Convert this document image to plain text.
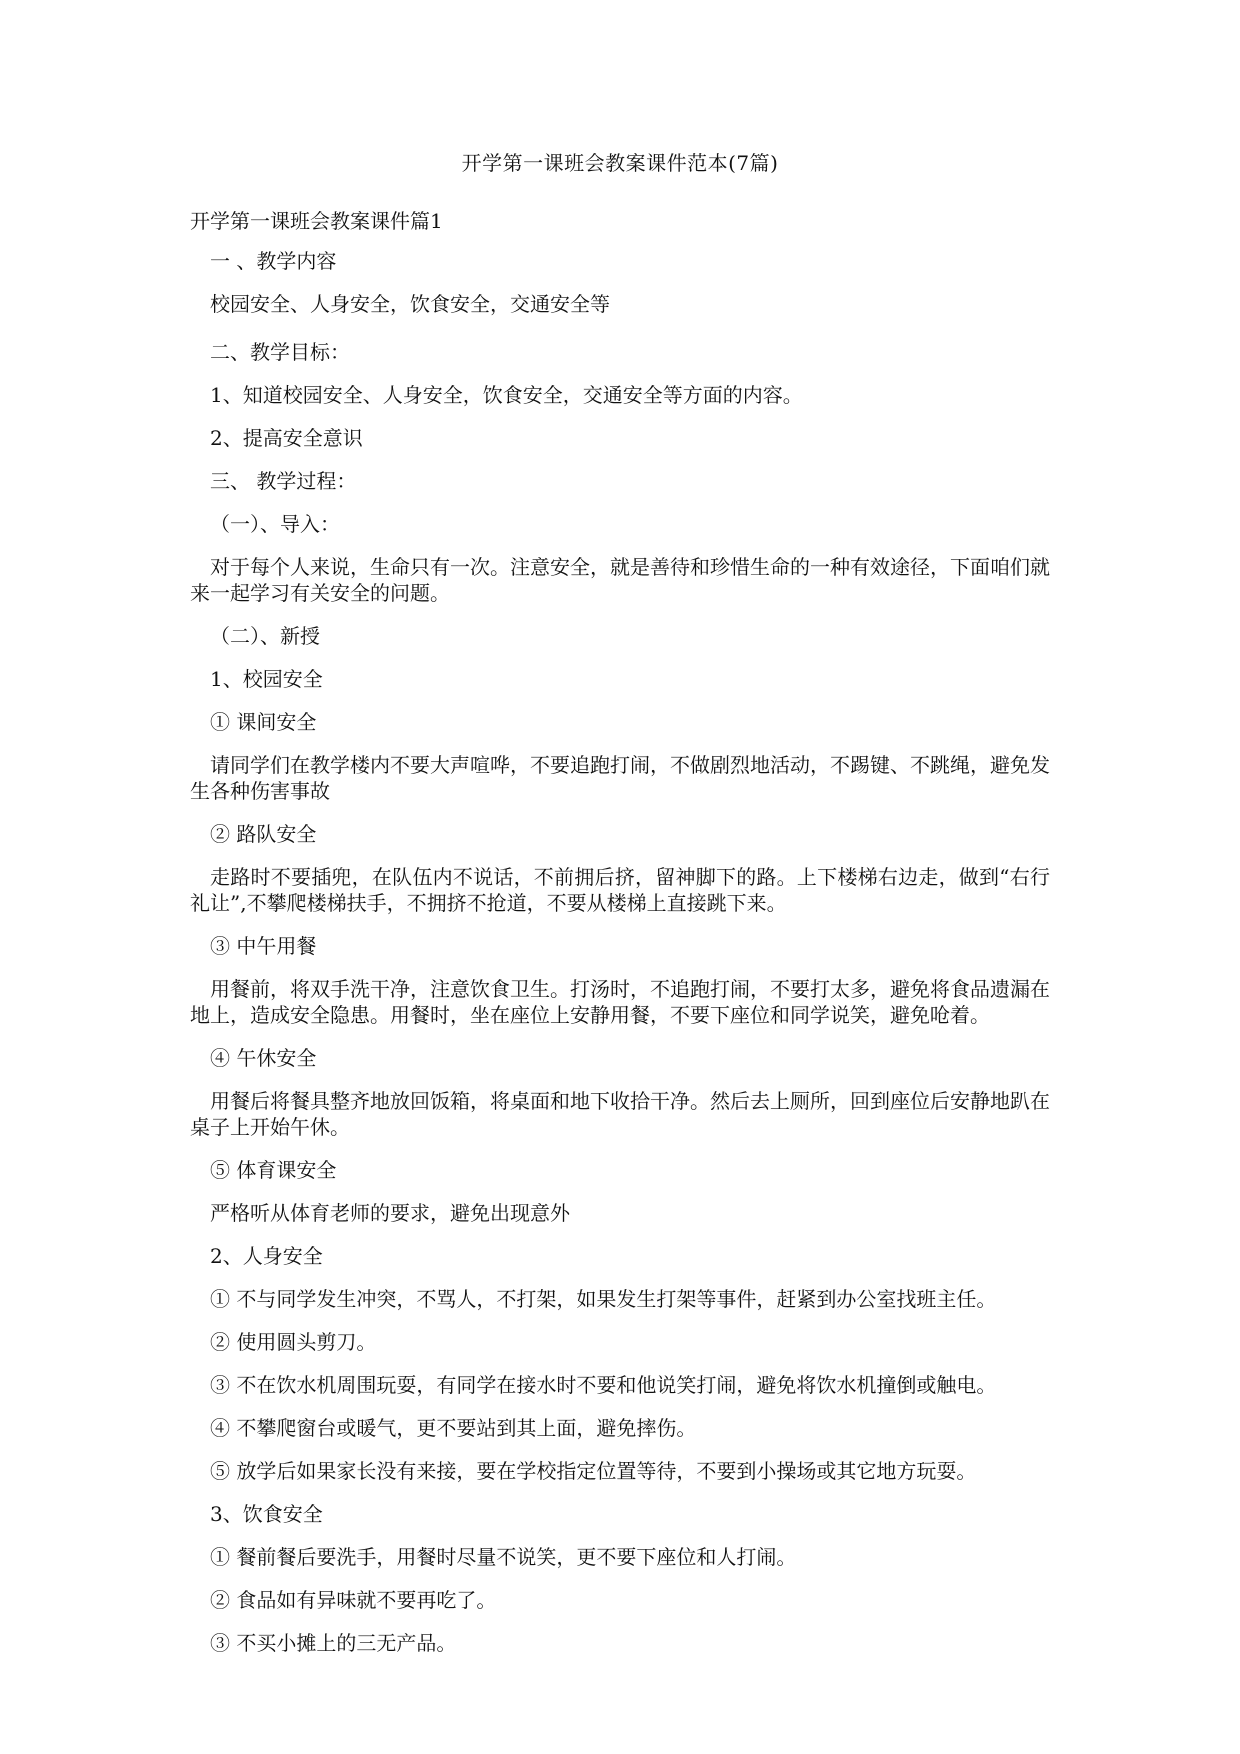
开学第一课班会教案课件范本(7篇)
开学第一课班会教案课件篇1

一 、教学内容

校园安全、人身安全，饮食安全，交通安全等

二、教学目标：

1、知道校园安全、人身安全，饮食安全，交通安全等方面的内容。

2、提高安全意识

三、 教学过程：

（一）、导入：

对于每个人来说，生命只有一次。注意安全，就是善待和珍惜生命的一种有效途径，下面咱们就来一起学习有关安全的问题。

（二）、新授

1、校园安全

① 课间安全

请同学们在教学楼内不要大声喧哗，不要追跑打闹，不做剧烈地活动，不踢键、不跳绳，避免发生各种伤害事故

② 路队安全

走路时不要插兜，在队伍内不说话，不前拥后挤，留神脚下的路。上下楼梯右边走，做到“右行礼让”,不攀爬楼梯扶手，不拥挤不抢道，不要从楼梯上直接跳下来。

③ 中午用餐

用餐前，将双手洗干净，注意饮食卫生。打汤时，不追跑打闹，不要打太多，避免将食品遗漏在地上，造成安全隐患。用餐时，坐在座位上安静用餐，不要下座位和同学说笑，避免呛着。

④ 午休安全

用餐后将餐具整齐地放回饭箱，将桌面和地下收拾干净。然后去上厕所，回到座位后安静地趴在桌子上开始午休。

⑤ 体育课安全

严格听从体育老师的要求，避免出现意外

2、人身安全

① 不与同学发生冲突，不骂人，不打架，如果发生打架等事件，赶紧到办公室找班主任。

② 使用圆头剪刀。

③ 不在饮水机周围玩耍，有同学在接水时不要和他说笑打闹，避免将饮水机撞倒或触电。

④ 不攀爬窗台或暖气，更不要站到其上面，避免摔伤。

⑤ 放学后如果家长没有来接，要在学校指定位置等待，不要到小操场或其它地方玩耍。

3、饮食安全

① 餐前餐后要洗手，用餐时尽量不说笑，更不要下座位和人打闹。

② 食品如有异味就不要再吃了。

③ 不买小摊上的三无产品。
